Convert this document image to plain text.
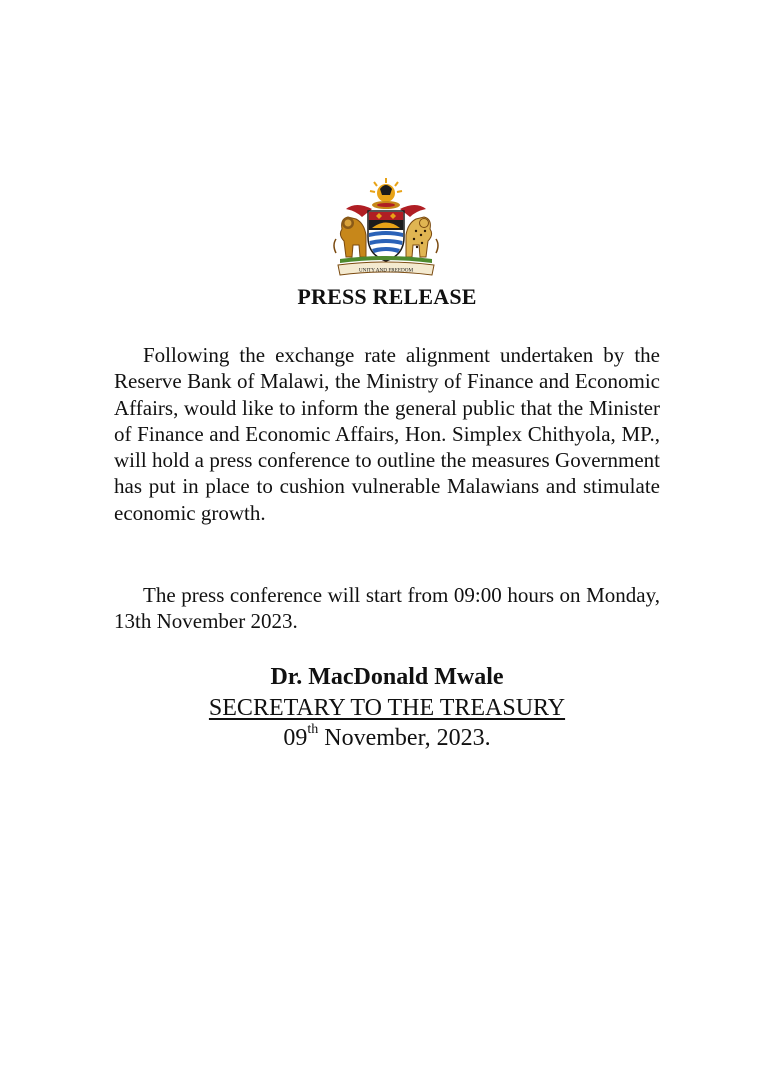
UNITY AND FREEDOM
PRESS RELEASE

Following the exchange rate alignment undertaken by the Reserve Bank of Malawi, the Ministry of Finance and Economic Affairs, would like to inform the general public that the Minister of Finance and Economic Affairs, Hon. Simplex Chithyola, MP., will hold a press conference to outline the measures Government has put in place to cushion vulnerable Malawians and stimulate economic growth.

The press conference will start from 09:00 hours on Monday, 13th November 2023.

Dr. MacDonald Mwale
SECRETARY TO THE TREASURY
09th November, 2023.
